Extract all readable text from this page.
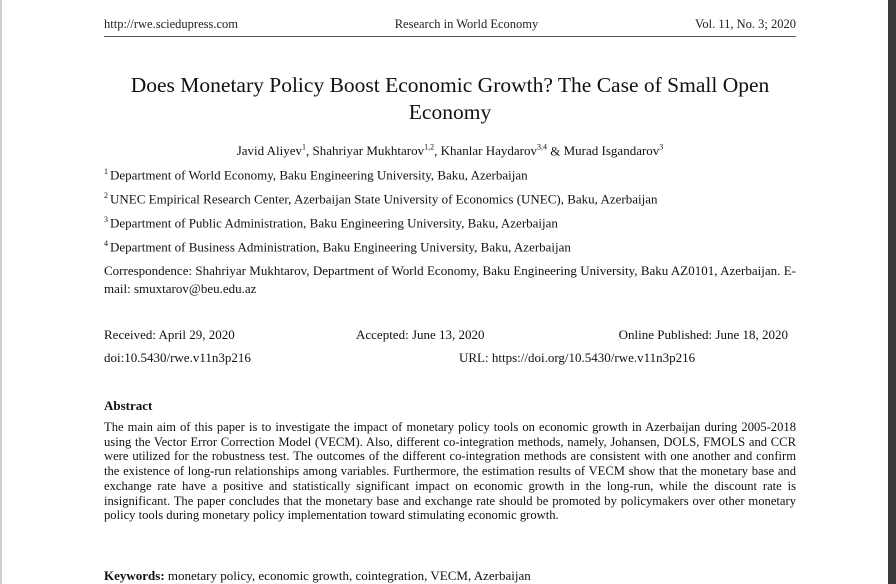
http://rwe.sciedupress.com	Research in World Economy	Vol. 11, No. 3; 2020
Does Monetary Policy Boost Economic Growth? The Case of Small Open Economy
Javid Aliyev$^1$, Shahriyar Mukhtarov$^{1,2}$, Khanlar Haydarov$^{3,4}$ & Murad Isgandarov$^3$
$^1$ Department of World Economy, Baku Engineering University, Baku, Azerbaijan
$^2$ UNEC Empirical Research Center, Azerbaijan State University of Economics (UNEC), Baku, Azerbaijan
$^3$ Department of Public Administration, Baku Engineering University, Baku, Azerbaijan
$^4$ Department of Business Administration, Baku Engineering University, Baku, Azerbaijan
Correspondence: Shahriyar Mukhtarov, Department of World Economy, Baku Engineering University, Baku AZ0101, Azerbaijan. E-mail: smuxtarov@beu.edu.az
Received: April 29, 2020	Accepted: June 13, 2020	Online Published: June 18, 2020
doi:10.5430/rwe.v11n3p216	URL: https://doi.org/10.5430/rwe.v11n3p216
Abstract
The main aim of this paper is to investigate the impact of monetary policy tools on economic growth in Azerbaijan during 2005-2018 using the Vector Error Correction Model (VECM). Also, different co-integration methods, namely, Johansen, DOLS, FMOLS and CCR were utilized for the robustness test. The outcomes of the different co-integration methods are consistent with one another and confirm the existence of long-run relationships among variables. Furthermore, the estimation results of VECM show that the monetary base and exchange rate have a positive and statistically significant impact on economic growth in the long-run, while the discount rate is insignificant. The paper concludes that the monetary base and exchange rate should be promoted by policymakers over other monetary policy tools during monetary policy implementation toward stimulating economic growth.
Keywords: monetary policy, economic growth, cointegration, VECM, Azerbaijan
